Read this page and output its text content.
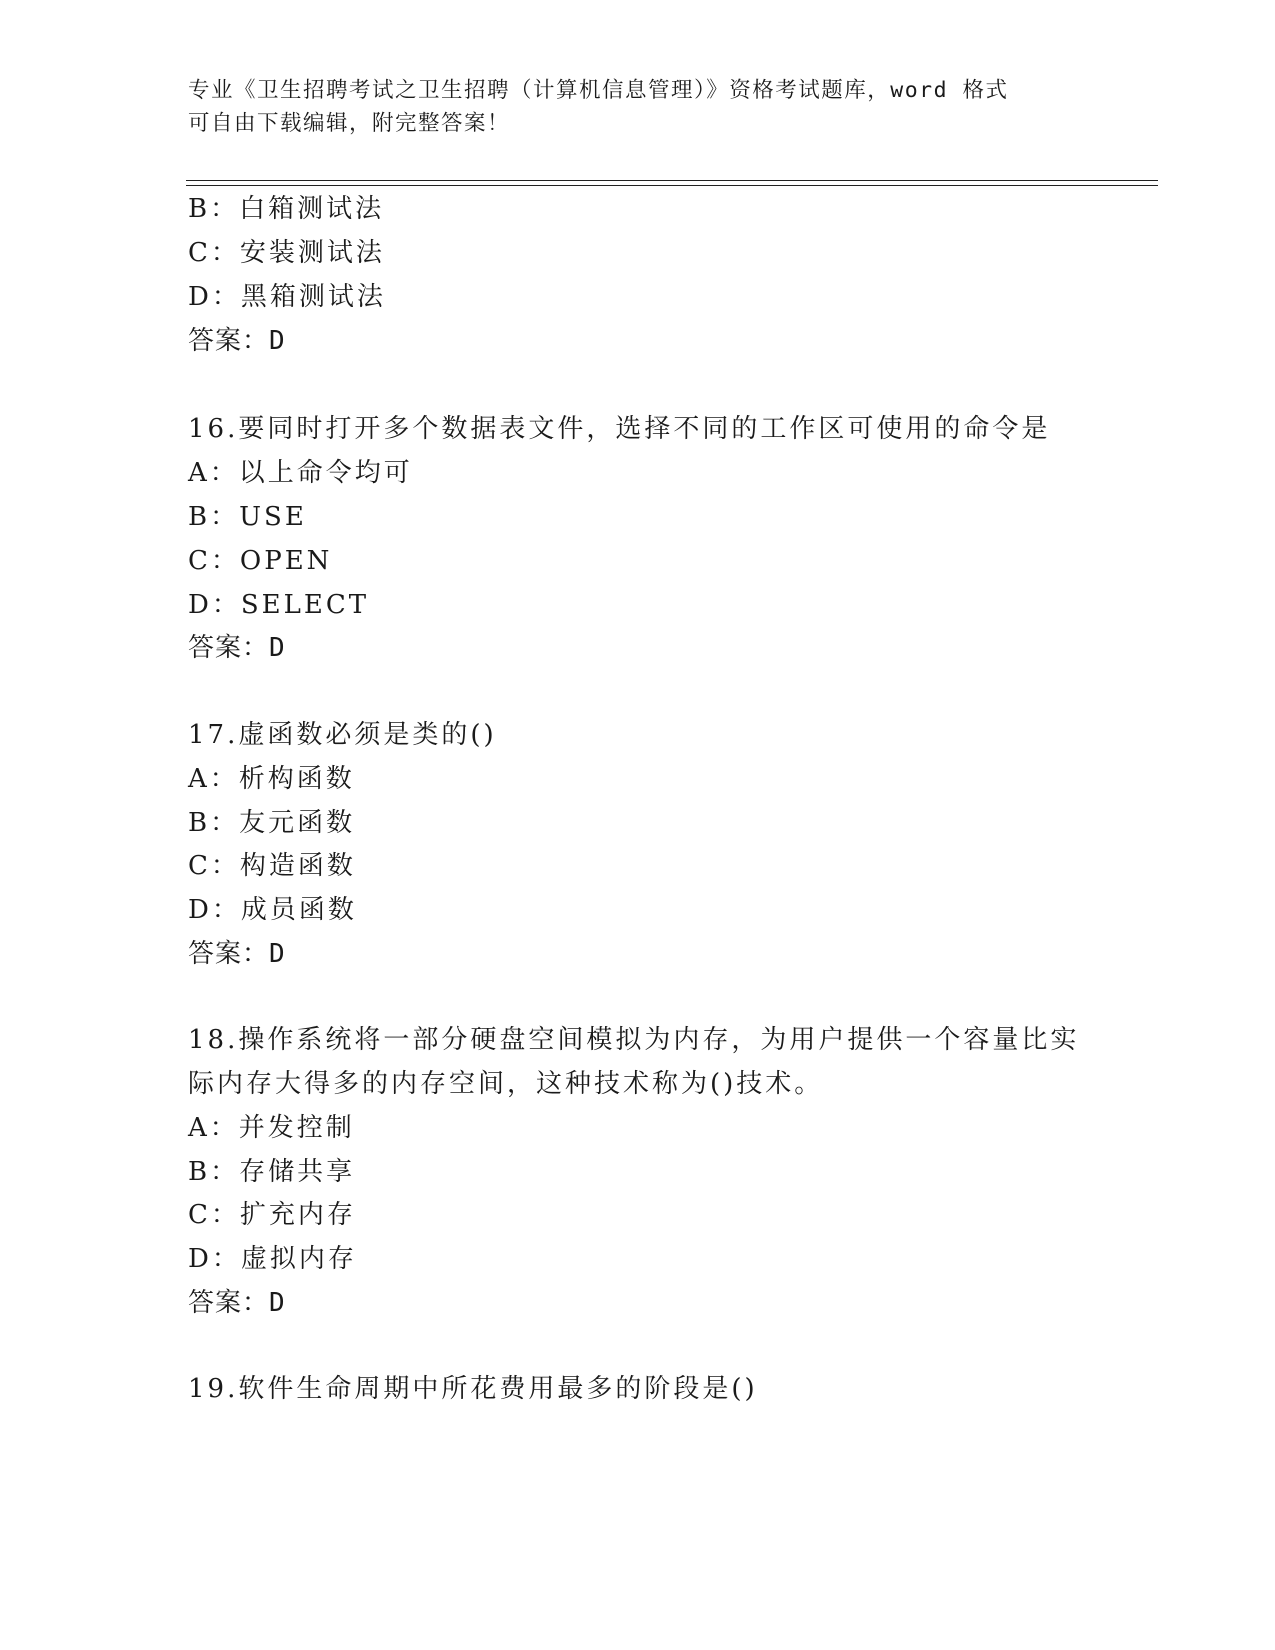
专业《卫生招聘考试之卫生招聘（计算机信息管理）》资格考试题库，word 格式
可自由下载编辑，附完整答案！
B：白箱测试法
C：安装测试法
D：黑箱测试法
答案：D
16.要同时打开多个数据表文件，选择不同的工作区可使用的命令是
A：以上命令均可
B：USE
C：OPEN
D：SELECT
答案：D
17.虚函数必须是类的()
A：析构函数
B：友元函数
C：构造函数
D：成员函数
答案：D
18.操作系统将一部分硬盘空间模拟为内存，为用户提供一个容量比实
际内存大得多的内存空间，这种技术称为()技术。
A：并发控制
B：存储共享
C：扩充内存
D：虚拟内存
答案：D
19.软件生命周期中所花费用最多的阶段是()
